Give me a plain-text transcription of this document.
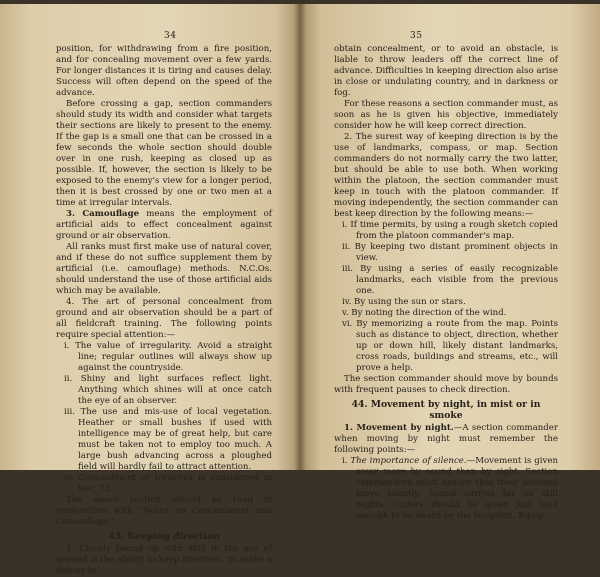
34

position, for withdrawing from a fire position, and for concealing movement over a few yards. For longer distances it is tiring and causes delay. Success will often depend on the speed of the advance.

Before crossing a gap, section commanders should study its width and consider what targets their sections are likely to present to the enemy. If the gap is a small one that can be crossed in a few seconds the whole section should double over in one rush, keeping as closed up as possible. If, however, the section is likely to be exposed to the enemy's view for a longer period, then it is best crossed by one or two men at a time at irregular intervals.

3. Camouflage means the employment of artificial aids to effect concealment against ground or air observation.

All ranks must first make use of natural cover, and if these do not suffice supplement them by artificial (i.e. camouflage) methods. N.C.Os. should understand the use of those artificial aids which may be available.

4. The art of personal concealment from ground and air observation should be a part of all fieldcraft training. The following points require special attention:—

i. The value of irregularity. Avoid a straight line; regular outlines will always show up against the countryside.

ii. Shiny and light surfaces reflect light. Anything which shines will at once catch the eye of an observer.

iii. The use and mis-use of local vegetation. Heather or small bushes if used with intelligence may be of great help, but care must be taken not to employ too much. A large bush advancing across a ploughed field will hardly fail to attract attention.

iv. Concealment of trenches is considered in Sec. 73.

The above section should be read in conjunction with “Notes on Concealment and Camouflage.”

43. Keeping direction

1. Closely bound up with skill in the use of ground is the ability to keep direction. To make a detour to

35

obtain concealment, or to avoid an obstacle, is liable to throw leaders off the correct line of advance. Difficulties in keeping direction also arise in close or undulating country, and in darkness or fog.

For these reasons a section commander must, as soon as he is given his objective, immediately consider how he will keep correct direction.

2. The surest way of keeping direction is by the use of landmarks, compass, or map. Section commanders do not normally carry the two latter, but should be able to use both. When working within the platoon, the section commander must keep in touch with the platoon commander. If moving independently, the section commander can best keep direction by the following means:—

i. If time permits, by using a rough sketch copied from the platoon commander's map.

ii. By keeping two distant prominent objects in view.

iii. By using a series of easily recognizable landmarks, each visible from the previous one.

iv. By using the sun or stars.

v. By noting the direction of the wind.

vi. By memorizing a route from the map. Points such as distance to object, direction, whether up or down hill, likely distant landmarks, cross roads, buildings and streams, etc., will prove a help.

The section commander should move by bounds with frequent pauses to check direction.

44. Movement by night, in mist or in smoke

1. Movement by night.—A section commander when moving by night must remember the following points:—

i. The importance of silence.—Movement is given away more by sound than by sight. Section commanders must ensure that their sections move silently. Sound carries far on still nights. Orders should be given just loud enough to be heard by the recipient. Equip-
